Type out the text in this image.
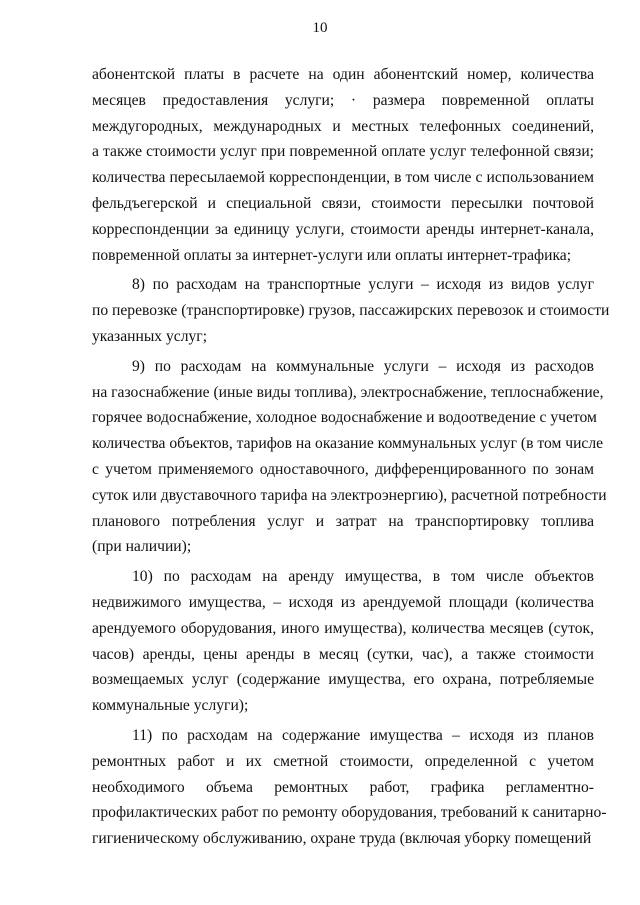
10

абонентской платы в расчете на один абонентский номер, количества
месяцев предоставления услуги; · размера повременной оплаты
междугородных, международных и местных телефонных соединений,
а также стоимости услуг при повременной оплате услуг телефонной связи;
количества пересылаемой корреспонденции, в том числе с использованием
фельдъегерской и специальной связи, стоимости пересылки почтовой
корреспонденции за единицу услуги, стоимости аренды интернет-канала,
повременной оплаты за интернет-услуги или оплаты интернет-трафика;

8) по расходам на транспортные услуги – исходя из видов услуг
по перевозке (транспортировке) грузов, пассажирских перевозок и стоимости
указанных услуг;

9) по расходам на коммунальные услуги – исходя из расходов
на газоснабжение (иные виды топлива), электроснабжение, теплоснабжение,
горячее водоснабжение, холодное водоснабжение и водоотведение с учетом
количества объектов, тарифов на оказание коммунальных услуг (в том числе
с учетом применяемого одноставочного, дифференцированного по зонам
суток или двуставочного тарифа на электроэнергию), расчетной потребности
планового потребления услуг и затрат на транспортировку топлива
(при наличии);

10) по расходам на аренду имущества, в том числе объектов
недвижимого имущества, – исходя из арендуемой площади (количества
арендуемого оборудования, иного имущества), количества месяцев (суток,
часов) аренды, цены аренды в месяц (сутки, час), а также стоимости
возмещаемых услуг (содержание имущества, его охрана, потребляемые
коммунальные услуги);

11) по расходам на содержание имущества – исходя из планов
ремонтных работ и их сметной стоимости, определенной с учетом
необходимого объема ремонтных работ, графика регламентно-
профилактических работ по ремонту оборудования, требований к санитарно-
гигиеническому обслуживанию, охране труда (включая уборку помещений
